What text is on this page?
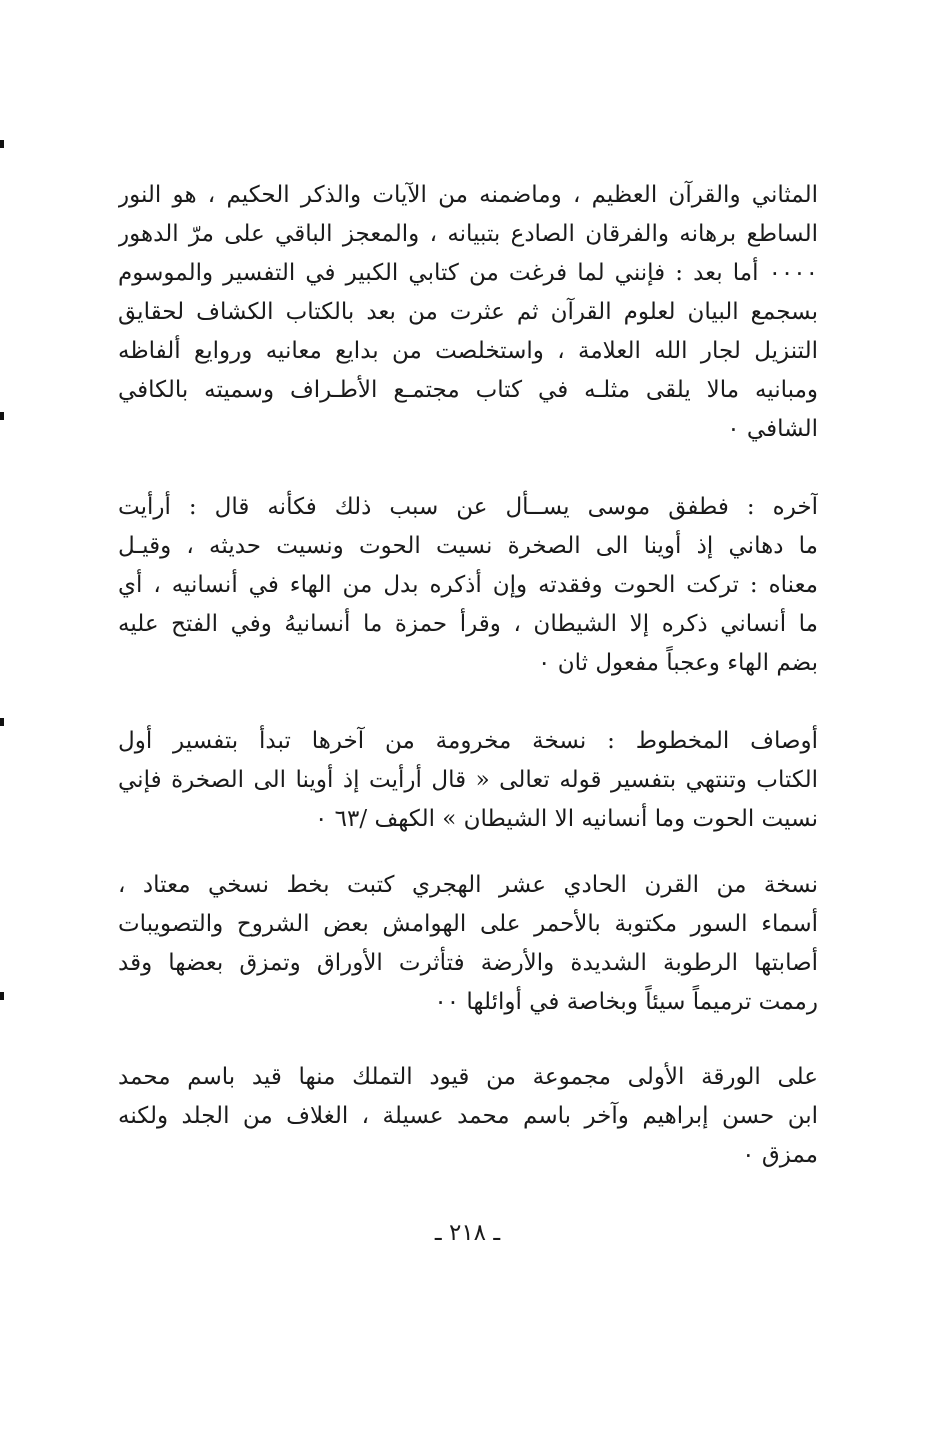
المثاني والقرآن العظيم ، وماضمنه من الآيات والذكر الحكيم ، هو النور
الساطع برهانه والفرقان الصادع بتبيانه ، والمعجز الباقي على مرّ الدهور
٠٠٠٠ أما بعد : فإنني لما فرغت من كتابي الكبير في التفسير والموسوم
بسجمع البيان لعلوم القرآن ثم عثرت من بعد بالكتاب الكشاف لحقايق
التنزيل لجار الله العلامة ، واستخلصت من بدايع معانيه وروايع ألفاظه
ومبانيه مالا يلقى مثلـه في كتاب مجتمـع الأطـراف وسميته بالكافي
الشافي ٠
آخره : فطفق موسى يســأل عن سبب ذلك فكأنه قال : أرأيت
ما دهاني إذ أوينا الى الصخرة نسيت الحوت ونسيت حديثه ، وقيـل
معناه : تركت الحوت وفقدته وإن أذكره بدل من الهاء في أنسانيه ، أي
ما أنساني ذكره إلا الشيطان ، وقرأ حمزة ما أنسانيهُ وفي الفتح عليه
بضم الهاء وعجباً مفعول ثان ٠
أوصاف المخطوط : نسخة مخرومة من آخرها تبدأ بتفسير أول
الكتاب وتنتهي بتفسير قوله تعالى « قال أرأيت إذ أوينا الى الصخرة فإني
نسيت الحوت وما أنسانيه الا الشيطان » الكهف /٦٣ ٠
نسخة من القرن الحادي عشر الهجري كتبت بخط نسخي معتاد ،
أسماء السور مكتوبة بالأحمر على الهوامش بعض الشروح والتصويبات
أصابتها الرطوبة الشديدة والأرضة فتأثرت الأوراق وتمزق بعضها وقد
رممت ترميماً سيئاً وبخاصة في أوائلها ٠٠
على الورقة الأولى مجموعة من قيود التملك منها قيد باسم محمد
ابن حسن إبراهيم وآخر باسم محمد عسيلة ، الغلاف من الجلد ولكنه
ممزق ٠
ـ ٢١٨ ـ
